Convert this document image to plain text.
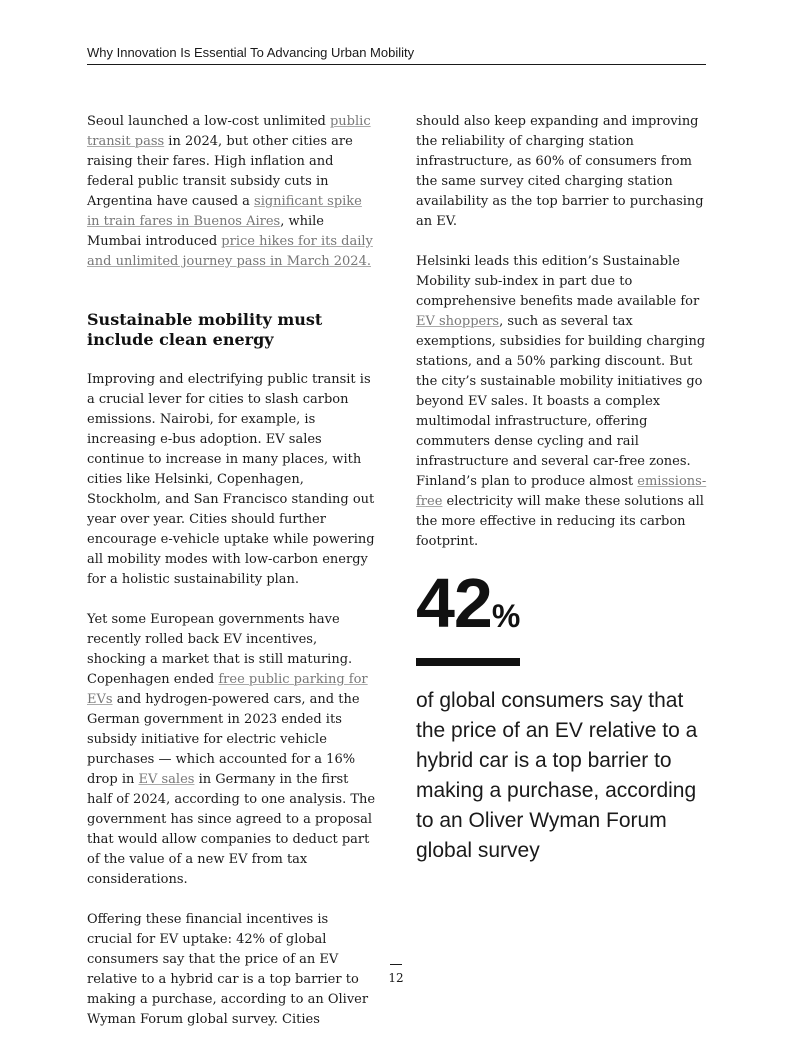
Why Innovation Is Essential To Advancing Urban Mobility

Seoul launched a low-cost unlimited public transit pass in 2024, but other cities are raising their fares. High inflation and federal public transit subsidy cuts in Argentina have caused a significant spike in train fares in Buenos Aires, while Mumbai introduced price hikes for its daily and unlimited journey pass in March 2024.

Sustainable mobility must include clean energy

Improving and electrifying public transit is a crucial lever for cities to slash carbon emissions. Nairobi, for example, is increasing e-bus adoption. EV sales continue to increase in many places, with cities like Helsinki, Copenhagen, Stockholm, and San Francisco standing out year over year. Cities should further encourage e-vehicle uptake while powering all mobility modes with low-carbon energy for a holistic sustainability plan.

Yet some European governments have recently rolled back EV incentives, shocking a market that is still maturing. Copenhagen ended free public parking for EVs and hydrogen-powered cars, and the German government in 2023 ended its subsidy initiative for electric vehicle purchases — which accounted for a 16% drop in EV sales in Germany in the first half of 2024, according to one analysis. The government has since agreed to a proposal that would allow companies to deduct part of the value of a new EV from tax considerations.

Offering these financial incentives is crucial for EV uptake: 42% of global consumers say that the price of an EV relative to a hybrid car is a top barrier to making a purchase, according to an Oliver Wyman Forum global survey. Cities

should also keep expanding and improving the reliability of charging station infrastructure, as 60% of consumers from the same survey cited charging station availability as the top barrier to purchasing an EV.

Helsinki leads this edition’s Sustainable Mobility sub-index in part due to comprehensive benefits made available for EV shoppers, such as several tax exemptions, subsidies for building charging stations, and a 50% parking discount. But the city’s sustainable mobility initiatives go beyond EV sales. It boasts a complex multimodal infrastructure, offering commuters dense cycling and rail infrastructure and several car-free zones. Finland’s plan to produce almost emissions-free electricity will make these solutions all the more effective in reducing its carbon footprint.

42%
of global consumers say that the price of an EV relative to a hybrid car is a top barrier to making a purchase, according to an Oliver Wyman Forum global survey
12
